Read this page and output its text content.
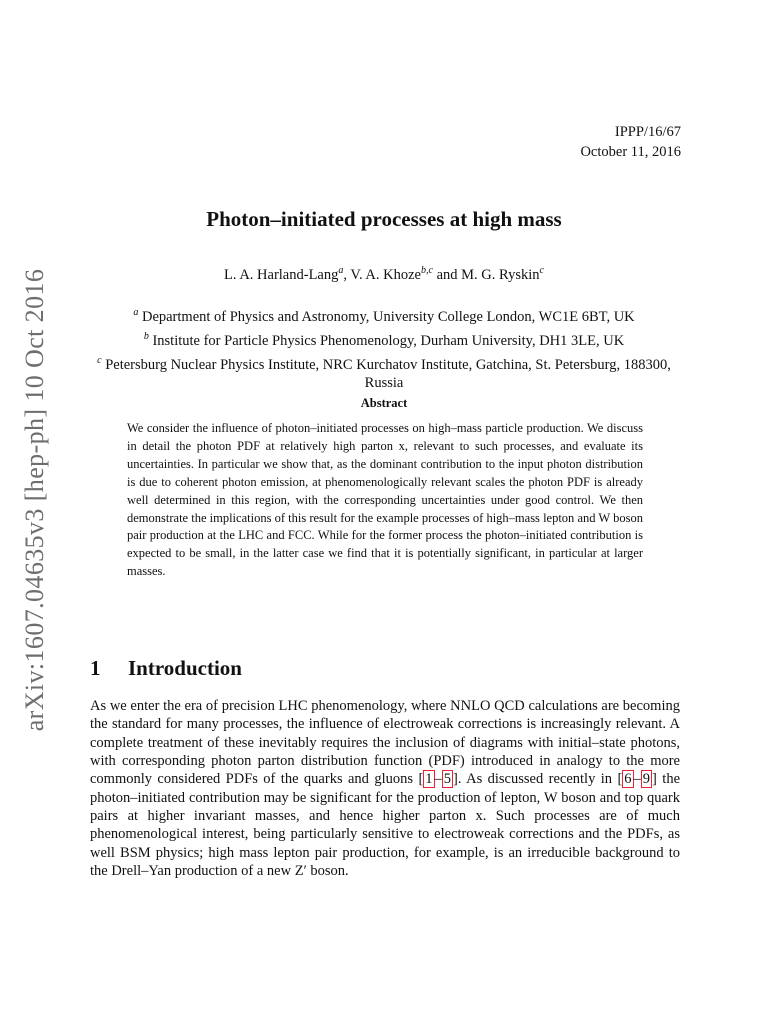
arXiv:1607.04635v3 [hep-ph] 10 Oct 2016
IPPP/16/67
October 11, 2016
Photon–initiated processes at high mass
L. A. Harland-Lang$^a$, V. A. Khoze$^{b,c}$ and M. G. Ryskin$^c$
$^a$ Department of Physics and Astronomy, University College London, WC1E 6BT, UK
$^b$ Institute for Particle Physics Phenomenology, Durham University, DH1 3LE, UK
$^c$ Petersburg Nuclear Physics Institute, NRC Kurchatov Institute, Gatchina, St. Petersburg, 188300, Russia
Abstract
We consider the influence of photon–initiated processes on high–mass particle production. We discuss in detail the photon PDF at relatively high parton x, relevant to such processes, and evaluate its uncertainties. In particular we show that, as the dominant contribution to the input photon distribution is due to coherent photon emission, at phenomenologically relevant scales the photon PDF is already well determined in this region, with the corresponding uncertainties under good control. We then demonstrate the implications of this result for the example processes of high–mass lepton and W boson pair production at the LHC and FCC. While for the former process the photon–initiated contribution is expected to be small, in the latter case we find that it is potentially significant, in particular at larger masses.
1 Introduction
As we enter the era of precision LHC phenomenology, where NNLO QCD calculations are becoming the standard for many processes, the influence of electroweak corrections is increasingly relevant. A complete treatment of these inevitably requires the inclusion of diagrams with initial–state photons, with corresponding photon parton distribution function (PDF) introduced in analogy to the more commonly considered PDFs of the quarks and gluons [ 1 – 5 ]. As discussed recently in [ 6 – 9 ] the photon–initiated contribution may be significant for the production of lepton, W boson and top quark pairs at higher invariant masses, and hence higher parton x. Such processes are of much phenomenological interest, being particularly sensitive to electroweak corrections and the PDFs, as well BSM physics; high mass lepton pair production, for example, is an irreducible background to the Drell–Yan production of a new Z′ boson.
